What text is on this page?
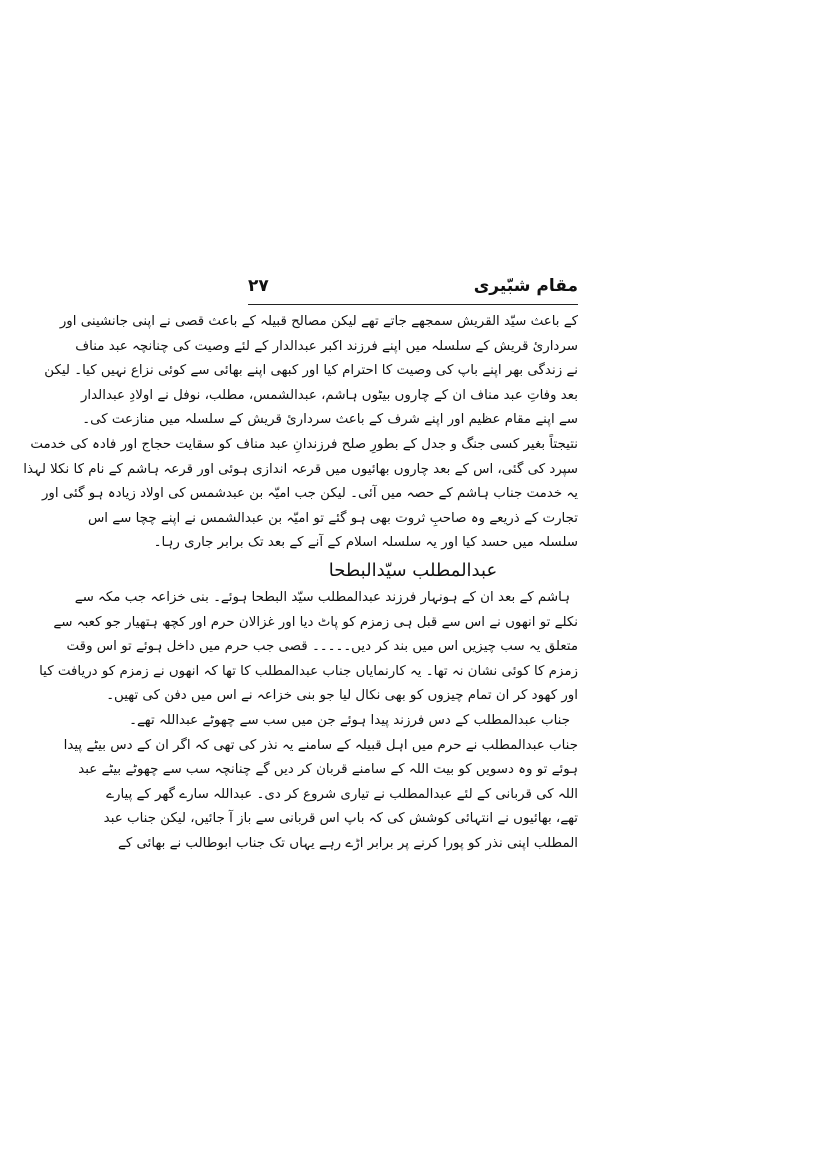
مقام شبّیری
۲۷
کے باعث سیّد القریش سمجھے جاتے تھے لیکن مصالح قبیلہ کے باعث قصی نے اپنی جانشینی اور
سرداریٔ قریش کے سلسلہ میں اپنے فرزند اکبر عبدالدار کے لئے وصیت کی چنانچہ عبد مناف
نے زندگی بھر اپنے باپ کی وصیت کا احترام کیا اور کبھی اپنے بھائی سے کوئی نزاع نہیں کیا۔ لیکن
بعد وفاتِ عبد مناف ان کے چاروں بیٹوں ہاشم، عبدالشمس، مطلب، نوفل نے اولادِ عبدالدار
سے اپنے مقام عظیم اور اپنے شرف کے باعث سرداریٔ قریش کے سلسلہ میں منازعت کی۔
نتیجتاً بغیر کسی جنگ و جدل کے بطورِ صلح فرزندانِ عبد مناف کو سقایت حجاج اور فادہ کی خدمت
سپرد کی گئی، اس کے بعد چاروں بھائیوں میں قرعہ اندازی ہوئی اور قرعہ ہاشم کے نام کا نکلا لہذا
یہ خدمت جناب ہاشم کے حصہ میں آئی۔ لیکن جب امیّہ بن عبدشمس کی اولاد زیادہ ہو گئی اور
تجارت کے ذریعے وہ صاحبِ ثروت بھی ہو گئے تو امیّہ بن عبدالشمس نے اپنے چچا سے اس
سلسلہ میں حسد کیا اور یہ سلسلہ اسلام کے آنے کے بعد تک برابر جاری رہا۔
عبدالمطلب سیّدالبطحا
ہاشم کے بعد ان کے ہونہار فرزند عبدالمطلب سیّد البطحا ہوئے۔ بنی خزاعہ جب مکہ سے
نکلے تو انھوں نے اس سے قبل ہی زمزم کو پاٹ دیا اور غزالان حرم اور کچھ ہتھیار جو کعبہ سے
متعلق یہ سب چیزیں اس میں بند کر دیں۔۔۔۔۔ قصی جب حرم میں داخل ہوئے تو اس وقت
زمزم کا کوئی نشان نہ تھا۔ یہ کارنمایاں جناب عبدالمطلب کا تھا کہ انھوں نے زمزم کو دریافت کیا
اور کھود کر ان تمام چیزوں کو بھی نکال لیا جو بنی خزاعہ نے اس میں دفن کی تھیں۔
جناب عبدالمطلب کے دس فرزند پیدا ہوئے جن میں سب سے چھوٹے عبداللہ تھے۔
جناب عبدالمطلب نے حرم میں اہل قبیلہ کے سامنے یہ نذر کی تھی کہ اگر ان کے دس بیٹے پیدا
ہوئے تو وہ دسویں کو بیت اللہ کے سامنے قربان کر دیں گے چنانچہ سب سے چھوٹے بیٹے عبد
اللہ کی قربانی کے لئے عبدالمطلب نے تیاری شروع کر دی۔ عبداللہ سارے گھر کے پیارے
تھے، بھائیوں نے انتہائی کوشش کی کہ باپ اس قربانی سے باز آ جائیں، لیکن جناب عبد
المطلب اپنی نذر کو پورا کرنے پر برابر اڑے رہے یہاں تک جناب ابوطالب نے بھائی کے
